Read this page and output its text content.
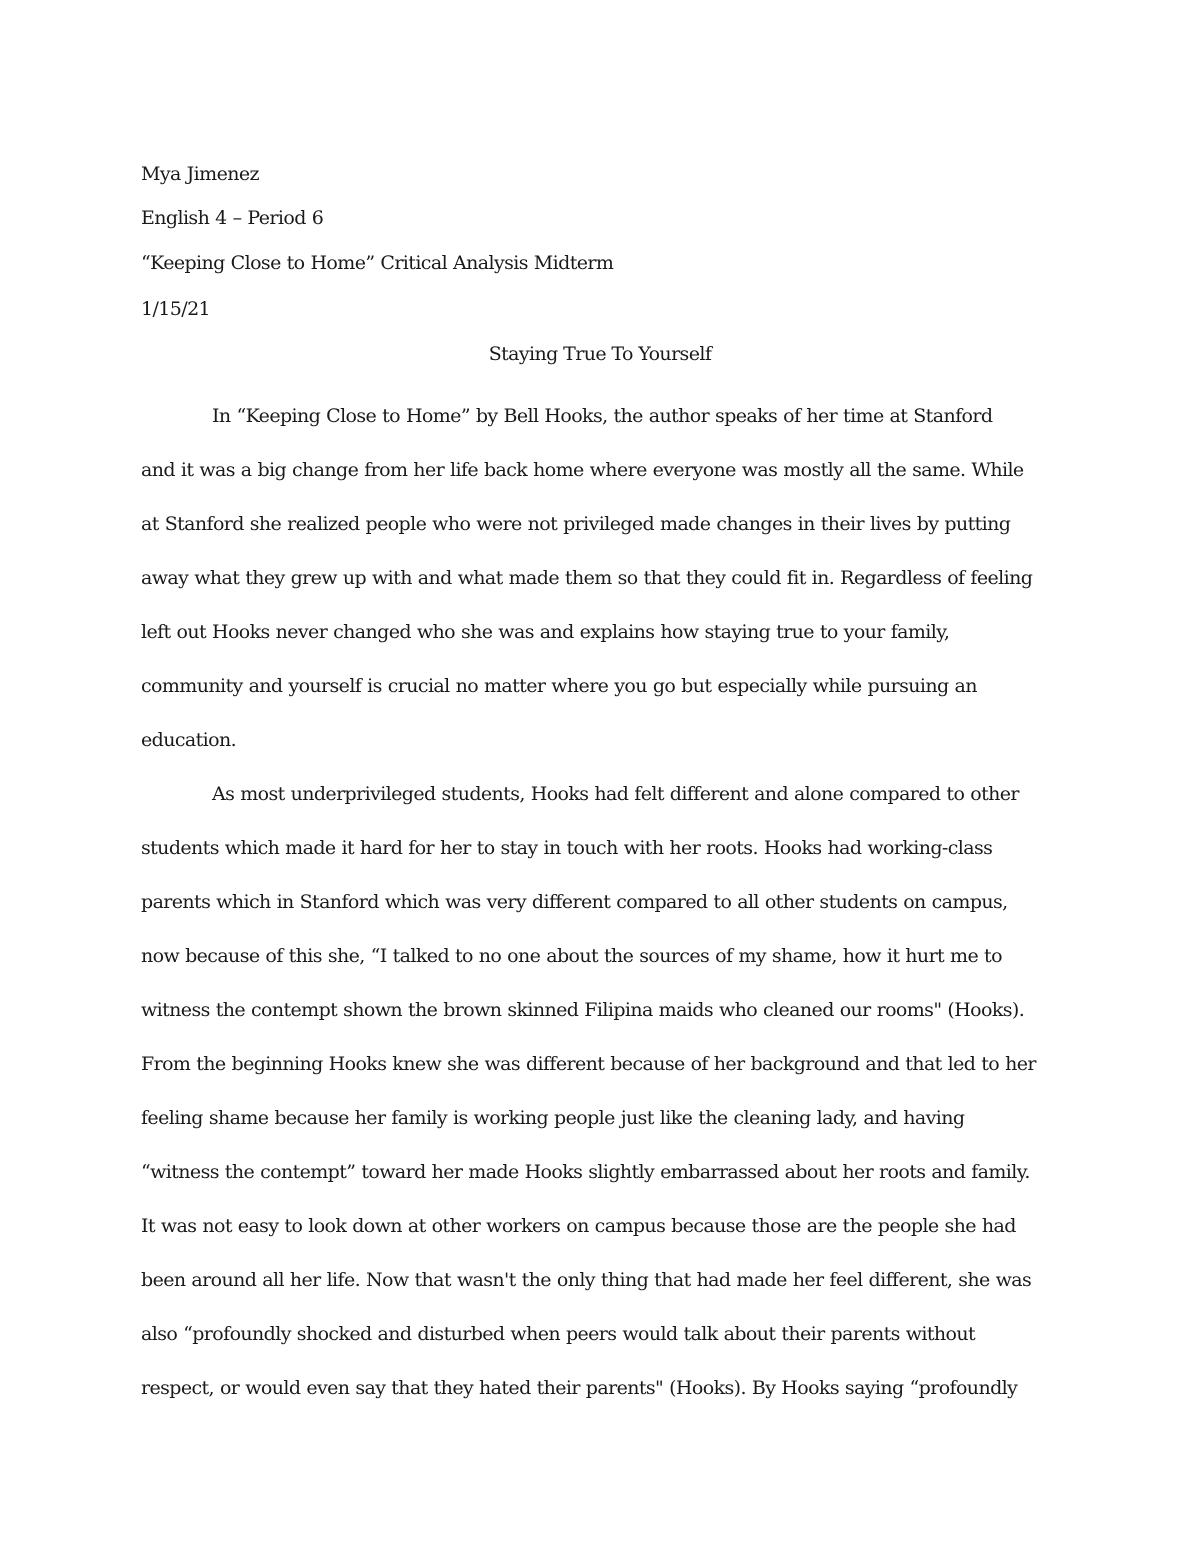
Mya Jimenez
English 4 – Period 6
“Keeping Close to Home” Critical Analysis Midterm
1/15/21
Staying True To Yourself
In “Keeping Close to Home” by Bell Hooks, the author speaks of her time at Stanford
and it was a big change from her life back home where everyone was mostly all the same. While
at Stanford she realized people who were not privileged made changes in their lives by putting
away what they grew up with and what made them so that they could fit in. Regardless of feeling
left out Hooks never changed who she was and explains how staying true to your family,
community and yourself is crucial no matter where you go but especially while pursuing an
education.
As most underprivileged students, Hooks had felt different and alone compared to other
students which made it hard for her to stay in touch with her roots. Hooks had working-class
parents which in Stanford which was very different compared to all other students on campus,
now because of this she, “I talked to no one about the sources of my shame, how it hurt me to
witness the contempt shown the brown skinned Filipina maids who cleaned our rooms" (Hooks).
From the beginning Hooks knew she was different because of her background and that led to her
feeling shame because her family is working people just like the cleaning lady, and having
“witness the contempt” toward her made Hooks slightly embarrassed about her roots and family.
It was not easy to look down at other workers on campus because those are the people she had
been around all her life. Now that wasn't the only thing that had made her feel different, she was
also “profoundly shocked and disturbed when peers would talk about their parents without
respect, or would even say that they hated their parents" (Hooks). By Hooks saying “profoundly
